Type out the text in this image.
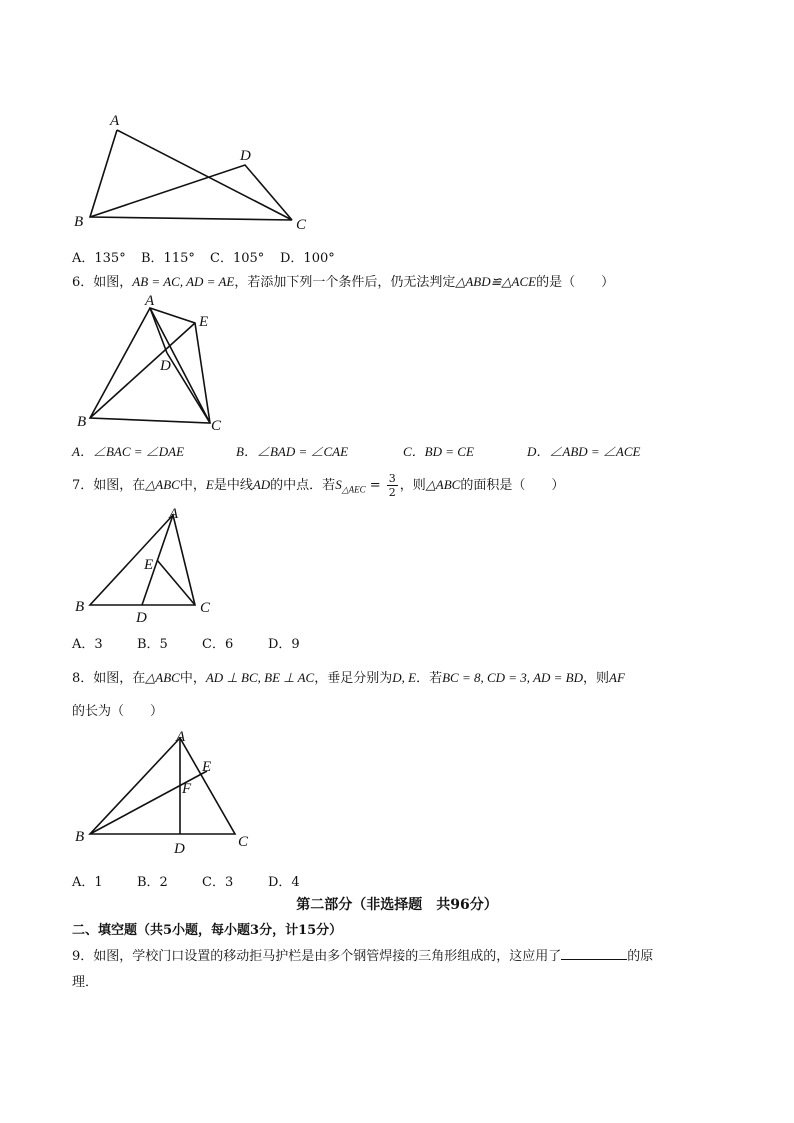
A
D
B	C
A．135° B．115° C．105° D．100°
6．如图，AB = AC, AD = AE，若添加下列一个条件后，仍无法判定△ABD≌△ACE的是（　　）
A
E
D
B	C
A．∠BAC = ∠DAE	B．∠BAD = ∠CAE	C．BD = CE	D．∠ABD = ∠ACE
7．如图，在△ABC中，E是中线AD的中点．若$S_{\triangle AEC} = \frac{3}{2}$ ，则△ABC的面积是（　　）
A
E
B
D
C
A．3	B．5	C．6	D．9
8．如图，在△ABC中，AD ⊥ BC, BE ⊥ AC，垂足分别为D, E．若BC = 8, CD = 3, AD = BD，则AF
的长为（　　）
A
E
F
B
D	C
A．1	B．2	C．3	D．4
第二部分（非选择题　共96分）
二、填空题（共5小题，每小题3分，计15分）
9．如图，学校门口设置的移动拒马护栏是由多个钢管焊接的三角形组成的，这应用了	的原
理．
